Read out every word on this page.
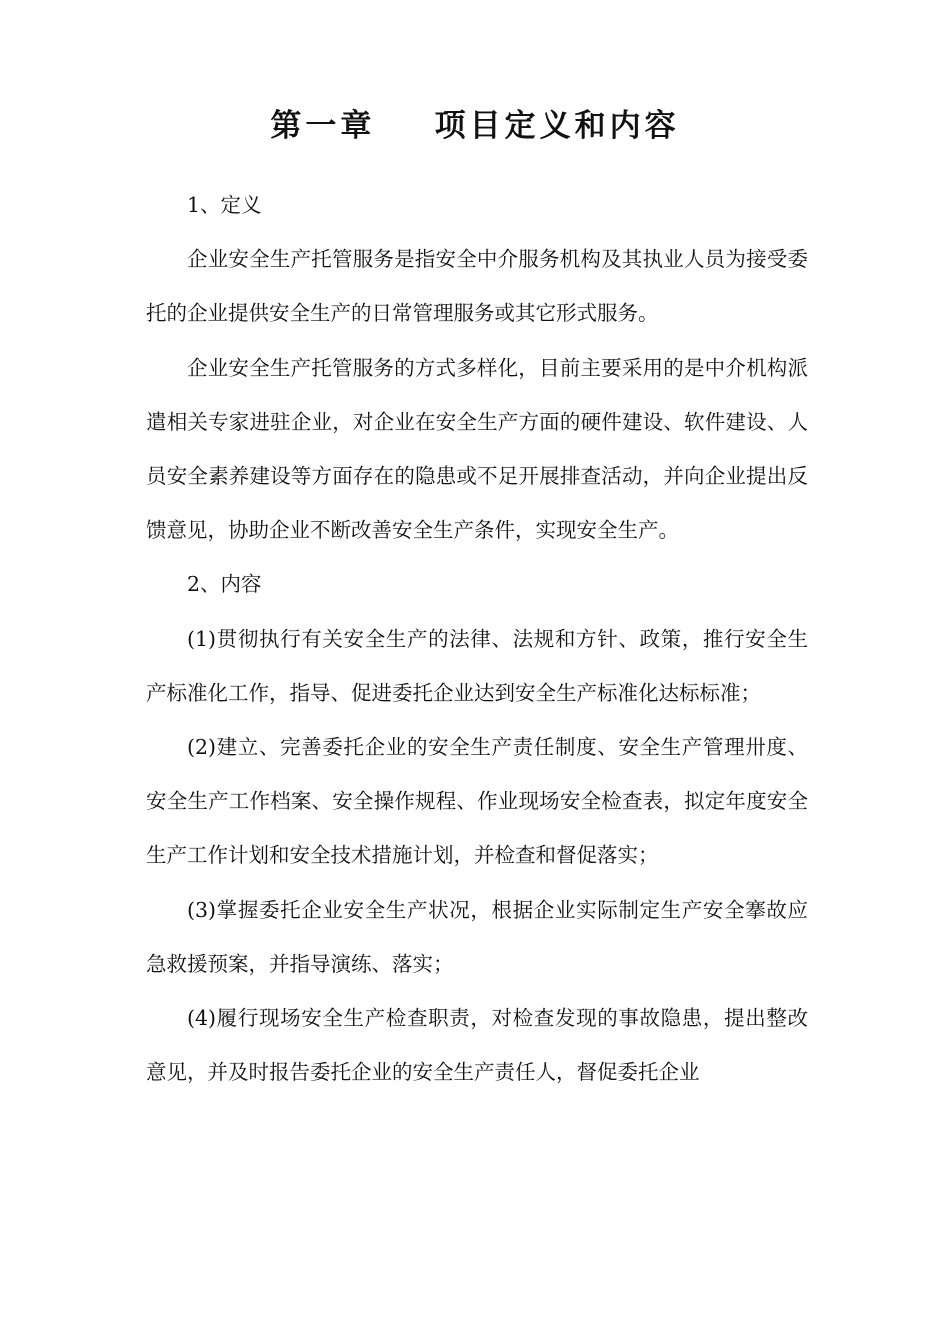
第一章    项目定义和内容

1、定义

企业安全生产托管服务是指安全中介服务机构及其执业人员为接受委托的企业提供安全生产的日常管理服务或其它形式服务。

企业安全生产托管服务的方式多样化，目前主要采用的是中介机构派遣相关专家进驻企业，对企业在安全生产方面的硬件建设、软件建设、人员安全素养建设等方面存在的隐患或不足开展排查活动，并向企业提出反馈意见，协助企业不断改善安全生产条件，实现安全生产。

2、内容

(1)贯彻执行有关安全生产的法律、法规和方针、政策，推行安全生产标准化工作，指导、促进委托企业达到安全生产标准化达标标准；

(2)建立、完善委托企业的安全生产责任制度、安全生产管理卅度、安全生产工作档案、安全操作规程、作业现场安全检查表，拟定年度安全生产工作计划和安全技术措施计划，并检查和督促落实；

(3)掌握委托企业安全生产状况，根据企业实际制定生产安全搴故应急救援预案，并指导演练、落实；

(4)履行现场安全生产检查职责，对检查发现的事故隐患，提出整改意见，并及时报告委托企业的安全生产责任人，督促委托企业
